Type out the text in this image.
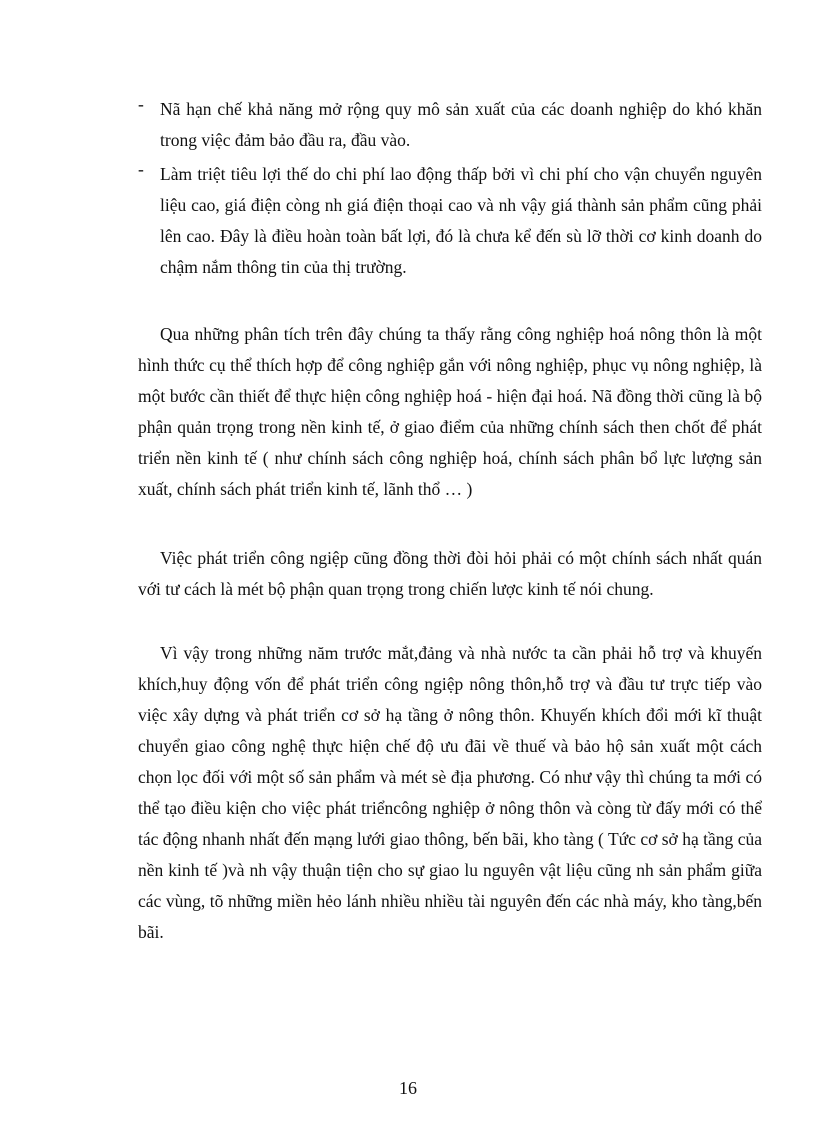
- Nã hạn chế khả năng mở rộng quy mô sản xuất của các doanh nghiệp do khó khăn trong việc đảm bảo đầu ra, đầu vào.
- Làm triệt tiêu lợi thế do chi phí lao động thấp bởi vì chi phí cho vận chuyển nguyên liệu cao, giá điện còng nh giá điện thoại cao và nh vậy giá thành sản phẩm cũng phải lên cao. Đây là điều hoàn toàn bất lợi, đó là chưa kể đến sù lỡ thời cơ kinh doanh do chậm nắm thông tin của thị trường.
Qua những phân tích trên đây chúng ta thấy rằng công nghiệp hoá nông thôn là một hình thức cụ thể thích hợp để công nghiệp gắn với nông nghiệp, phục vụ nông nghiệp, là một bước cần thiết để thực hiện công nghiệp hoá - hiện đại hoá. Nã đồng thời cũng là bộ phận quản trọng trong nền kinh tế, ở giao điểm của những chính sách then chốt để phát triển nền kinh tế ( như chính sách công nghiệp hoá, chính sách phân bổ lực lượng sản xuất, chính sách phát triển kinh tế, lãnh thổ … )
Việc phát triển công ngiệp cũng đồng thời đòi hỏi phải có một chính sách nhất quán với tư cách là mét bộ phận quan trọng trong chiến lược kinh tế nói chung.
Vì vậy trong những năm trước mắt,đảng và nhà nước ta cần phải hỗ trợ và khuyến khích,huy động vốn để phát triển công ngiệp nông thôn,hỗ trợ và đầu tư trực tiếp vào việc xây dựng và phát triển cơ sở hạ tầng ở nông thôn. Khuyến khích đổi mới kĩ thuật chuyển giao công nghệ thực hiện chế độ ưu đãi về thuế và bảo hộ sản xuất một cách chọn lọc đối với một số sản phẩm và mét sè địa phương. Có như vậy thì chúng ta mới có thể tạo điều kiện cho việc phát triểncông nghiệp ở nông thôn và còng từ đấy mới có thể tác động nhanh nhất đến mạng lưới giao thông, bến bãi, kho tàng ( Tức cơ sở hạ tầng của nền kinh tế )và nh vậy thuận tiện cho sự giao lu nguyên vật liệu cũng nh sản phẩm giữa các vùng, tõ những miền hẻo lánh nhiều nhiều tài nguyên đến các nhà máy, kho tàng,bến bãi.
16
